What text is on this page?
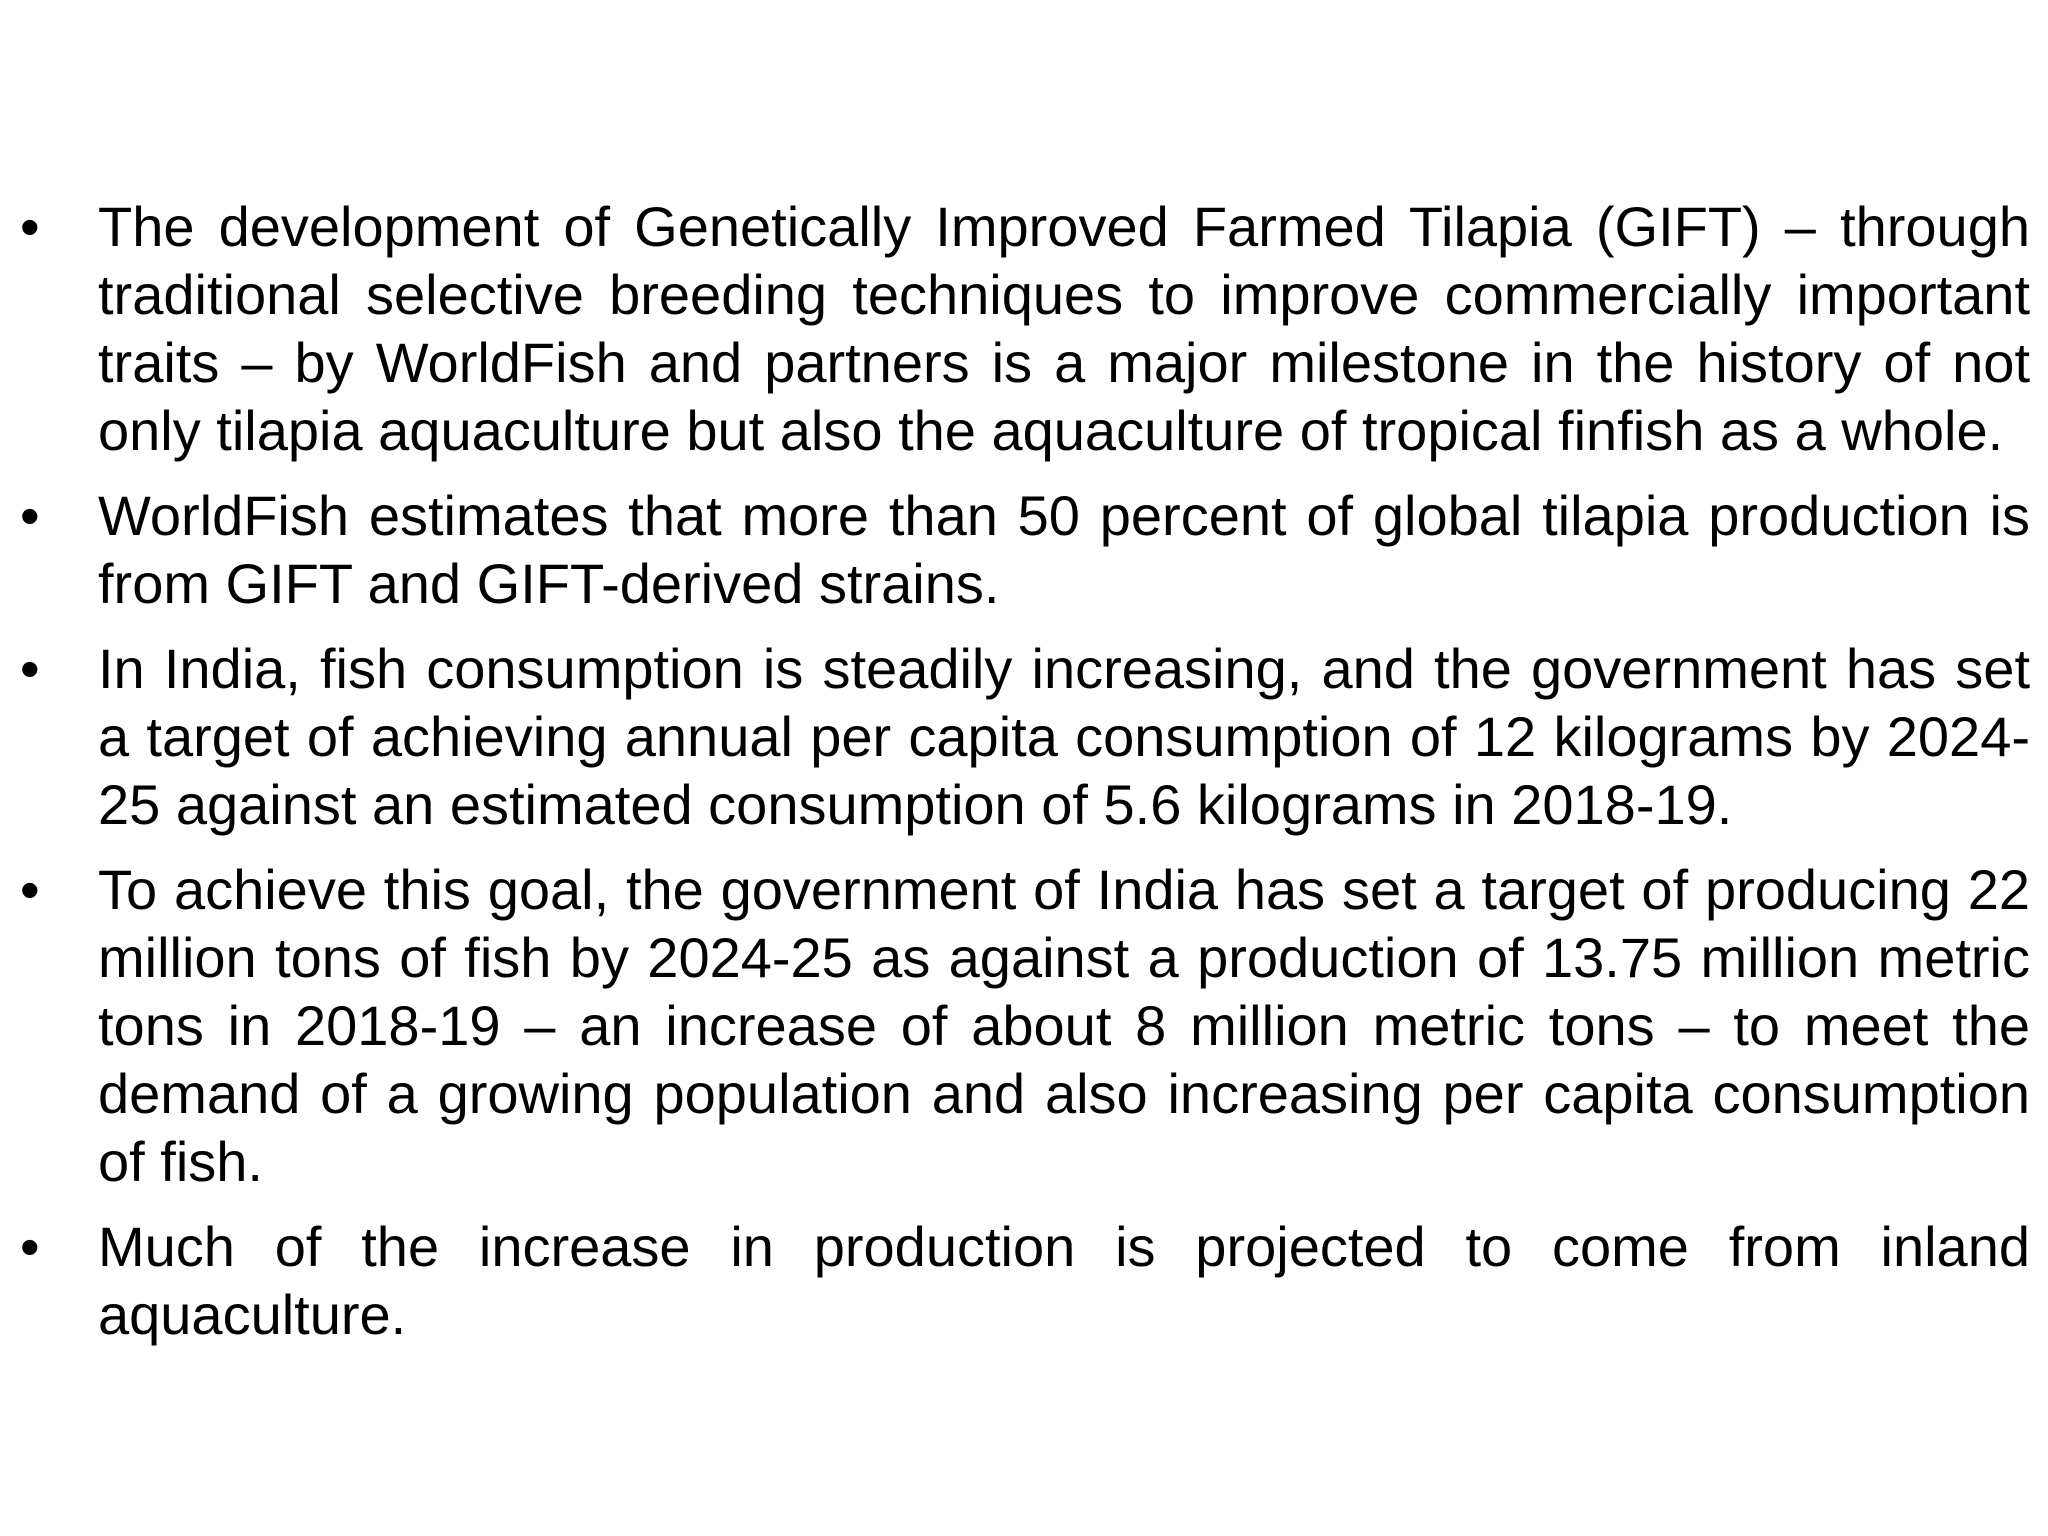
•	The development of Genetically Improved Farmed Tilapia (GIFT) – through traditional selective breeding techniques to improve commercially important traits – by WorldFish and partners is a major milestone in the history of not only tilapia aquaculture but also the aquaculture of tropical finfish as a whole.
•	WorldFish estimates that more than 50 percent of global tilapia production is from GIFT and GIFT-derived strains.
•	In India, fish consumption is steadily increasing, and the government has set a target of achieving annual per capita consumption of 12 kilograms by 2024-25 against an estimated consumption of 5.6 kilograms in 2018-19.
•	To achieve this goal, the government of India has set a target of producing 22 million tons of fish by 2024-25 as against a production of 13.75 million metric tons in 2018-19 – an increase of about 8 million metric tons – to meet the demand of a growing population and also increasing per capita consumption of fish.
•	Much of the increase in production is projected to come from inland aquaculture.
